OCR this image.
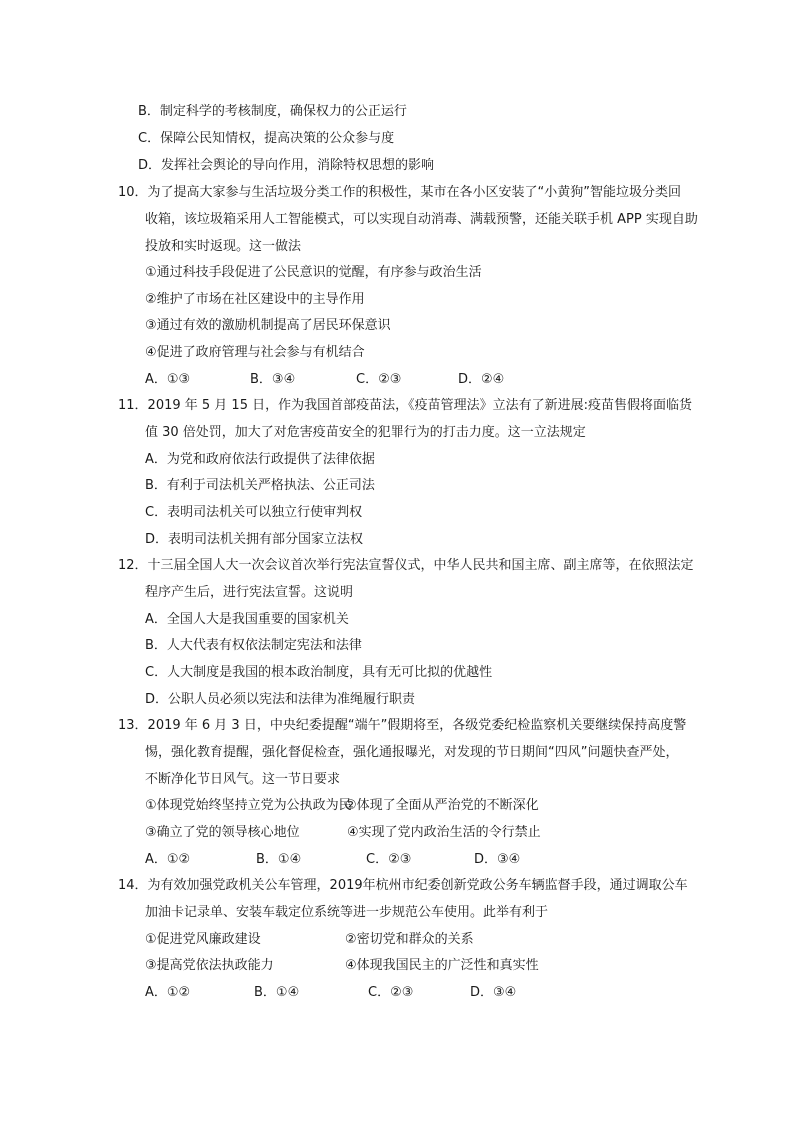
B．制定科学的考核制度，确保权力的公正运行
C．保障公民知情权，提高决策的公众参与度
D．发挥社会舆论的导向作用，消除特权思想的影响
10．为了提高大家参与生活垃圾分类工作的积极性，某市在各小区安装了“小黄狗”智能垃圾分类回
收箱，该垃圾箱采用人工智能模式，可以实现自动消毒、满载预警，还能关联手机 APP 实现自助
投放和实时返现。这一做法
①通过科技手段促进了公民意识的觉醒，有序参与政治生活
②维护了市场在社区建设中的主导作用
③通过有效的激励机制提高了居民环保意识
④促进了政府管理与社会参与有机结合
A．①③	B．③④	C．②③	D．②④
11．2019 年 5 月 15 日，作为我国首部疫苗法，《疫苗管理法》立法有了新进展:疫苗售假将面临货
值 30 倍处罚，加大了对危害疫苗安全的犯罪行为的打击力度。这一立法规定
A．为党和政府依法行政提供了法律依据
B．有利于司法机关严格执法、公正司法
C．表明司法机关可以独立行使审判权
D．表明司法机关拥有部分国家立法权
12．十三届全国人大一次会议首次举行宪法宣誓仪式，中华人民共和国主席、副主席等，在依照法定
程序产生后，进行宪法宣誓。这说明
A．全国人大是我国重要的国家机关
B．人大代表有权依法制定宪法和法律
C．人大制度是我国的根本政治制度，具有无可比拟的优越性
D．公职人员必须以宪法和法律为准绳履行职责
13．2019 年 6 月 3 日，中央纪委提醒“端午”假期将至，各级党委纪检监察机关要继续保持高度警
惕，强化教育提醒，强化督促检查，强化通报曝光，对发现的节日期间“四风”问题快查严处，
不断净化节日风气。这一节日要求
①体现党始终坚持立党为公执政为民
②体现了全面从严治党的不断深化
③确立了党的领导核心地位	④实现了党内政治生活的令行禁止
A．①②	B．①④	C．②③	D．③④
14．为有效加强党政机关公车管理，2019年杭州市纪委创新党政公务车辆监督手段，通过调取公车
加油卡记录单、安装车载定位系统等进一步规范公车使用。此举有利于
①促进党风廉政建设	②密切党和群众的关系
③提高党依法执政能力	④体现我国民主的广泛性和真实性
A．①②	B．①④	C．②③	D．③④
